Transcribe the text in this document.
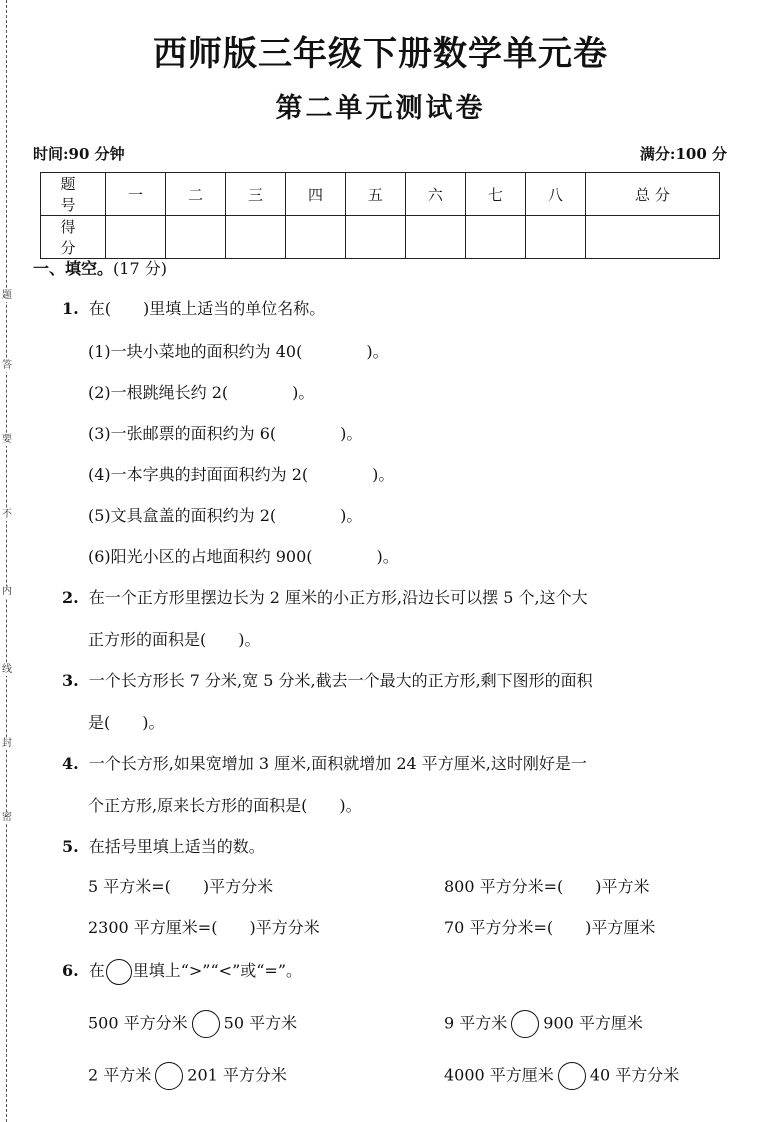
题
答
要
不
内
线
封
密
西师版三年级下册数学单元卷
第二单元测试卷
时间:90 分钟	满分:100 分
题 号	一	二	三	四	五	六	七	八	总 分
得 分									
一、填空。(17 分)
1. 在(　　)里填上适当的单位名称。
(1)一块小菜地的面积约为 40(　　　　)。
(2)一根跳绳长约 2(　　　　)。
(3)一张邮票的面积约为 6(　　　　)。
(4)一本字典的封面面积约为 2(　　　　)。
(5)文具盒盖的面积约为 2(　　　　)。
(6)阳光小区的占地面积约 900(　　　　)。
2. 在一个正方形里摆边长为 2 厘米的小正方形,沿边长可以摆 5 个,这个大
正方形的面积是(　　)。
3. 一个长方形长 7 分米,宽 5 分米,截去一个最大的正方形,剩下图形的面积
是(　　)。
4. 一个长方形,如果宽增加 3 厘米,面积就增加 24 平方厘米,这时刚好是一
个正方形,原来长方形的面积是(　　)。
5. 在括号里填上适当的数。
5 平方米=(　　)平方分米	800 平方分米=(　　)平方米
2300 平方厘米=(　　)平方分米	70 平方分米=(　　)平方厘米
6. 在 里填上“>”“<”或“=”。
500 平方分米 50 平方米	9 平方米 900 平方厘米
2 平方米 201 平方分米	4000 平方厘米 40 平方分米
